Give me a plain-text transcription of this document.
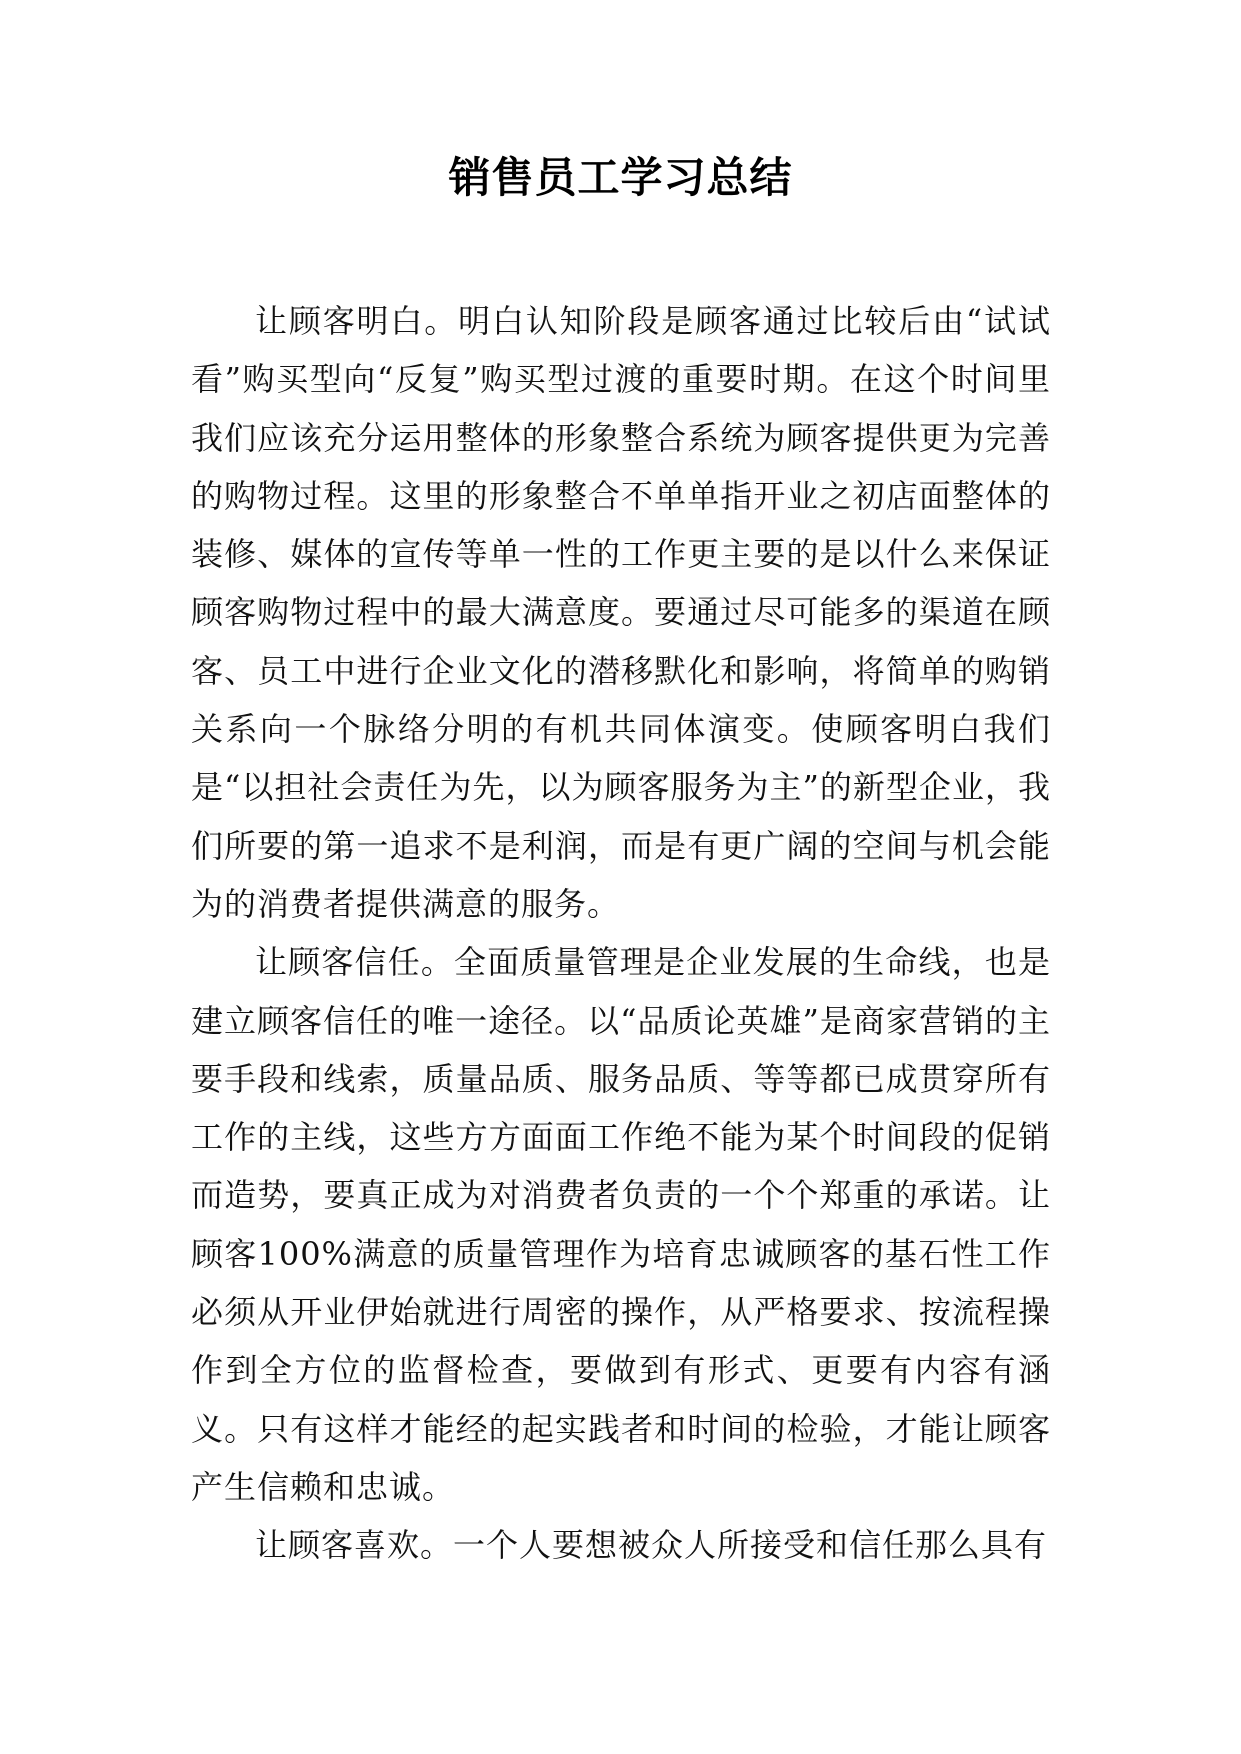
销售员工学习总结

让顾客明白。明白认知阶段是顾客通过比较后由“试试看”购买型向“反复”购买型过渡的重要时期。在这个时间里我们应该充分运用整体的形象整合系统为顾客提供更为完善的购物过程。这里的形象整合不单单指开业之初店面整体的装修、媒体的宣传等单一性的工作更主要的是以什么来保证顾客购物过程中的最大满意度。要通过尽可能多的渠道在顾客、员工中进行企业文化的潜移默化和影响，将简单的购销关系向一个脉络分明的有机共同体演变。使顾客明白我们是“以担社会责任为先，以为顾客服务为主”的新型企业，我们所要的第一追求不是利润，而是有更广阔的空间与机会能为的消费者提供满意的服务。

让顾客信任。全面质量管理是企业发展的生命线，也是建立顾客信任的唯一途径。以“品质论英雄”是商家营销的主要手段和线索，质量品质、服务品质、等等都已成贯穿所有工作的主线，这些方方面面工作绝不能为某个时间段的促销而造势，要真正成为对消费者负责的一个个郑重的承诺。让顾客100%满意的质量管理作为培育忠诚顾客的基石性工作必须从开业伊始就进行周密的操作，从严格要求、按流程操作到全方位的监督检查，要做到有形式、更要有内容有涵义。只有这样才能经的起实践者和时间的检验，才能让顾客产生信赖和忠诚。

让顾客喜欢。一个人要想被众人所接受和信任那么具有
